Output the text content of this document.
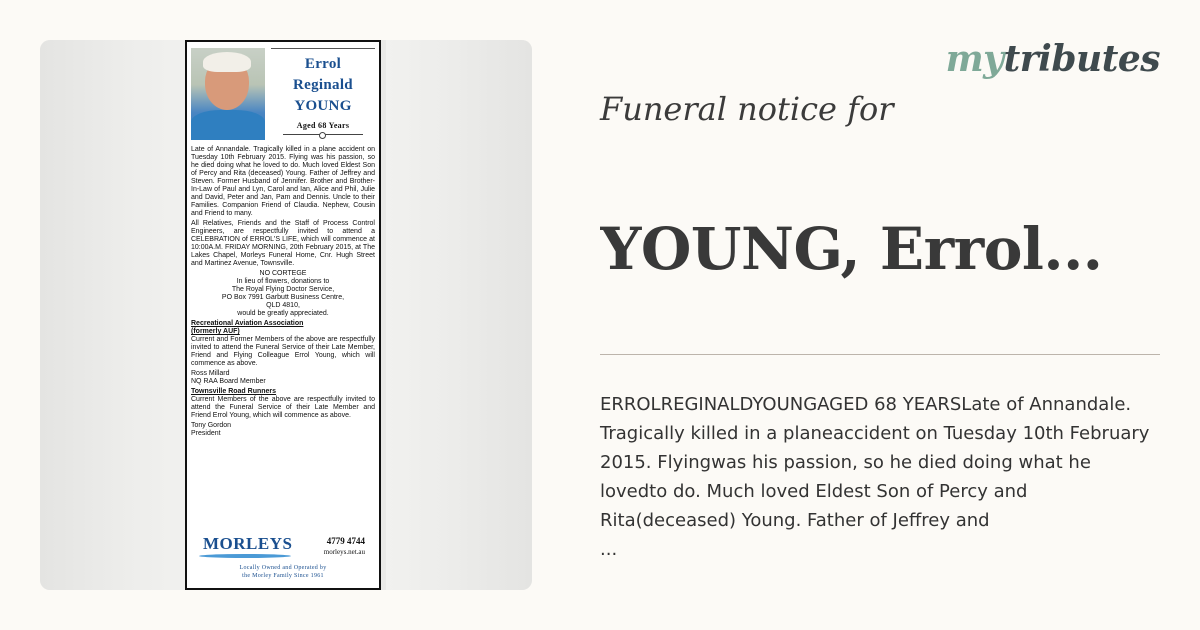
Errol
Reginald
YOUNG
Aged 68 Years

Late of Annandale. Tragically killed in a plane accident on Tuesday 10th February 2015. Flying was his passion, so he died doing what he loved to do. Much loved Eldest Son of Percy and Rita (deceased) Young. Father of Jeffrey and Steven. Former Husband of Jennifer. Brother and Brother-In-Law of Paul and Lyn, Carol and Ian, Alice and Phil, Julie and David, Peter and Jan, Pam and Dennis. Uncle to their Families. Companion Friend of Claudia. Nephew, Cousin and Friend to many.

All Relatives, Friends and the Staff of Process Control Engineers, are respectfully invited to attend a CELEBRATION of ERROL'S LIFE, which will commence at 10:00A.M. FRIDAY MORNING, 20th February 2015, at The Lakes Chapel, Morleys Funeral Home, Cnr. Hugh Street and Martinez Avenue, Townsville.

NO CORTEGE
In lieu of flowers, donations to
The Royal Flying Doctor Service,
PO Box 7991 Garbutt Business Centre,
QLD 4810,

would be greatly appreciated.

Recreational Aviation Association
(formerly AUF)

Current and Former Members of the above are respectfully invited to attend the Funeral Service of their Late Member, Friend and Flying Colleague Errol Young, which will commence as above.

Ross Millard

NQ RAA Board Member

Townsville Road Runners

Current Members of the above are respectfully invited to attend the Funeral Service of their Late Member and Friend Errol Young, which will commence as above.

Tony Gordon
President
MORLEYS	4779 4744
morleys.net.au
Locally Owned and Operated by
the Morley Family Since 1961
mytributes
Funeral notice for
YOUNG, Errol...
ERROLREGINALDYOUNGAGED 68 YEARSLate of Annandale. Tragically killed in a planeaccident on Tuesday 10th February 2015. Flyingwas his passion, so he died doing what he lovedto do. Much loved Eldest Son of Percy and Rita(deceased) Young. Father of Jeffrey and
...
